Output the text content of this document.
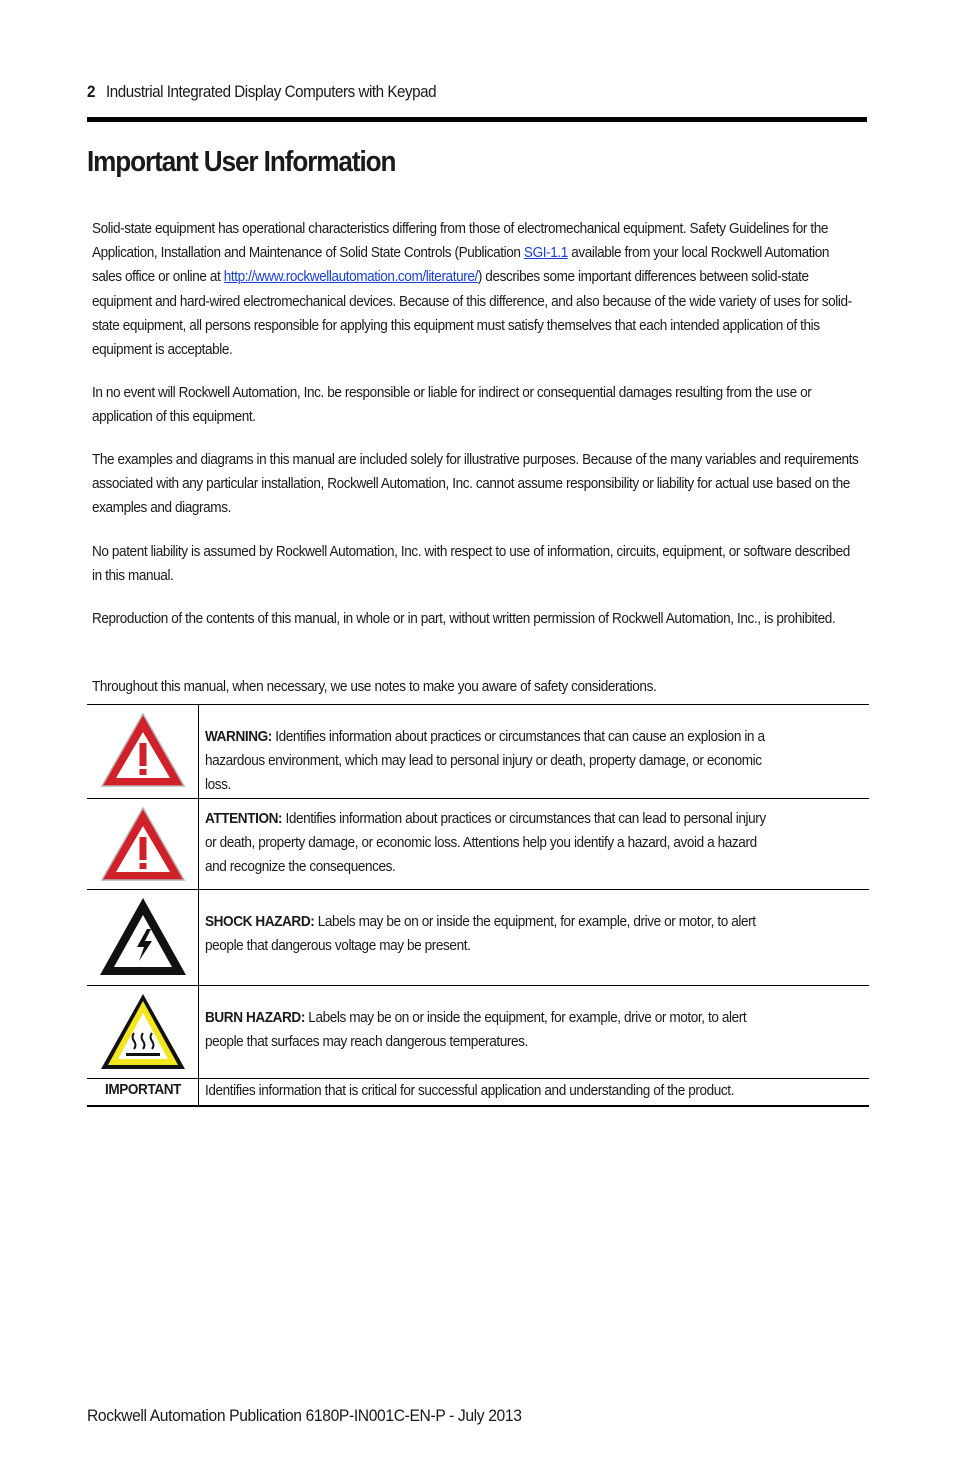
2 Industrial Integrated Display Computers with Keypad
Important User Information

Solid-state equipment has operational characteristics differing from those of electromechanical equipment. Safety Guidelines for the Application, Installation and Maintenance of Solid State Controls (Publication SGI-1.1 available from your local Rockwell Automation sales office or online at http://www.rockwellautomation.com/literature/) describes some important differences between solid-state equipment and hard-wired electromechanical devices. Because of this difference, and also because of the wide variety of uses for solid-state equipment, all persons responsible for applying this equipment must satisfy themselves that each intended application of this equipment is acceptable.

In no event will Rockwell Automation, Inc. be responsible or liable for indirect or consequential damages resulting from the use or application of this equipment.

The examples and diagrams in this manual are included solely for illustrative purposes. Because of the many variables and requirements associated with any particular installation, Rockwell Automation, Inc. cannot assume responsibility or liability for actual use based on the examples and diagrams.

No patent liability is assumed by Rockwell Automation, Inc. with respect to use of information, circuits, equipment, or software described in this manual.

Reproduction of the contents of this manual, in whole or in part, without written permission of Rockwell Automation, Inc., is prohibited.

Throughout this manual, when necessary, we use notes to make you aware of safety considerations.

WARNING: Identifies information about practices or circumstances that can cause an explosion in a hazardous environment, which may lead to personal injury or death, property damage, or economic loss.

ATTENTION: Identifies information about practices or circumstances that can lead to personal injury or death, property damage, or economic loss. Attentions help you identify a hazard, avoid a hazard and recognize the consequences.

SHOCK HAZARD: Labels may be on or inside the equipment, for example, drive or motor, to alert people that dangerous voltage may be present.

BURN HAZARD: Labels may be on or inside the equipment, for example, drive or motor, to alert people that surfaces may reach dangerous temperatures.

IMPORTANT	Identifies information that is critical for successful application and understanding of the product.
Rockwell Automation Publication 6180P-IN001C-EN-P - July 2013
